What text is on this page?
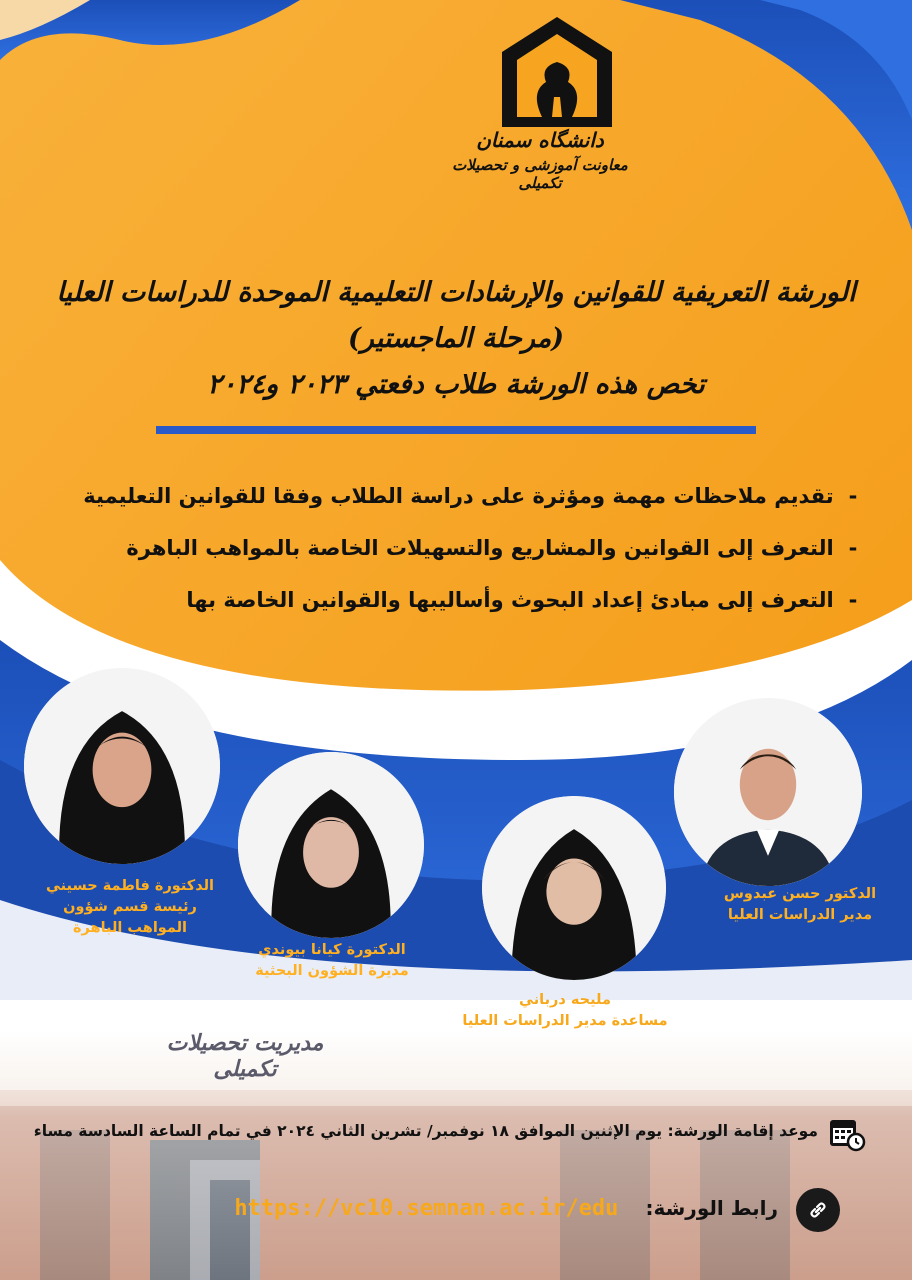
دانشگاه سمنان
معاونت آموزشی و تحصیلات تکمیلی
الورشة التعريفية للقوانين والإرشادات التعليمية الموحدة للدراسات العليا (مرحلة الماجستير)
تخص هذه الورشة طلاب دفعتي ٢٠٢٣ و٢٠٢٤
- تقديم ملاحظات مهمة ومؤثرة على دراسة الطلاب وفقا للقوانين التعليمية
- التعرف إلى القوانين والمشاريع والتسهيلات الخاصة بالمواهب الباهرة
- التعرف إلى مبادئ إعداد البحوث وأساليبها والقوانين الخاصة بها
الدكتورة فاطمة حسيني
رئيسة قسم شؤون
المواهب الباهرة
الدكتورة كيانا بيوندي
مديرة الشؤون البحثية
مليحه درباني
مساعدة مدير الدراسات العليا
الدكتور حسن عبدوس
مدير الدراسات العليا
مدیریت تحصیلات تکمیلی
موعد إقامة الورشة: يوم الإثنين الموافق ١٨ نوفمبر/ تشرين الثاني ٢٠٢٤ في تمام الساعة السادسة مساء
رابط الورشة: https://vc10.semnan.ac.ir/edu
